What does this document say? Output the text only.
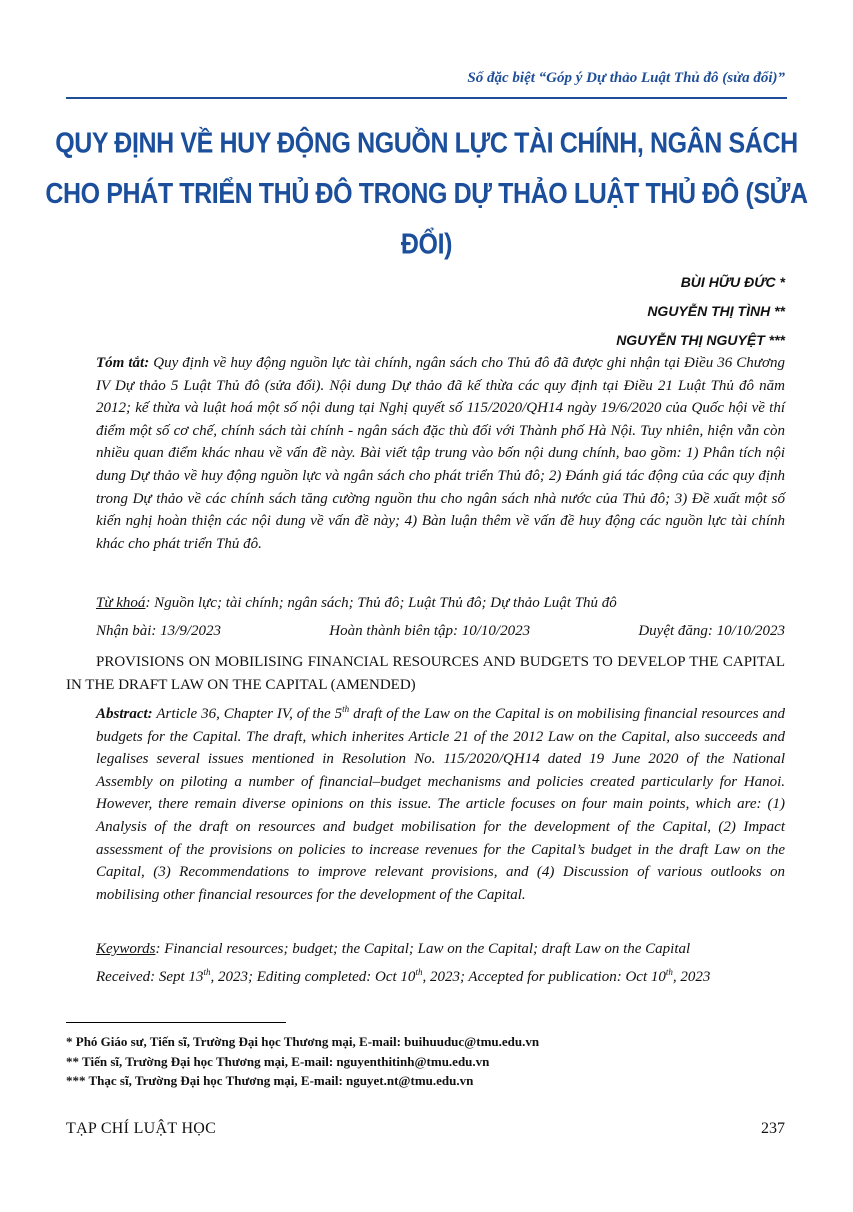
Số đặc biệt “Góp ý Dự thảo Luật Thủ đô (sửa đổi)”
QUY ĐỊNH VỀ HUY ĐỘNG NGUỒN LỰC TÀI CHÍNH, NGÂN SÁCH
CHO PHÁT TRIỂN THỦ ĐÔ TRONG DỰ THẢO LUẬT THỦ ĐÔ (SỬA ĐỔI)
BÙI HỮU ĐỨC *
NGUYỄN THỊ TÌNH **
NGUYỄN THỊ NGUYỆT ***
Tóm tắt: Quy định về huy động nguồn lực tài chính, ngân sách cho Thủ đô đã được ghi nhận tại Điều 36 Chương IV Dự thảo 5 Luật Thủ đô (sửa đổi). Nội dung Dự thảo đã kế thừa các quy định tại Điều 21 Luật Thủ đô năm 2012; kế thừa và luật hoá một số nội dung tại Nghị quyết số 115/2020/QH14 ngày 19/6/2020 của Quốc hội về thí điểm một số cơ chế, chính sách tài chính - ngân sách đặc thù đối với Thành phố Hà Nội. Tuy nhiên, hiện vẫn còn nhiều quan điểm khác nhau về vấn đề này. Bài viết tập trung vào bốn nội dung chính, bao gồm: 1) Phân tích nội dung Dự thảo về huy động nguồn lực và ngân sách cho phát triển Thủ đô; 2) Đánh giá tác động của các quy định trong Dự thảo về các chính sách tăng cường nguồn thu cho ngân sách nhà nước của Thủ đô; 3) Đề xuất một số kiến nghị hoàn thiện các nội dung về vấn đề này; 4) Bàn luận thêm về vấn đề huy động các nguồn lực tài chính khác cho phát triển Thủ đô.
Từ khoá: Nguồn lực; tài chính; ngân sách; Thủ đô; Luật Thủ đô; Dự thảo Luật Thủ đô
Nhận bài: 13/9/2023	Hoàn thành biên tập: 10/10/2023	Duyệt đăng: 10/10/2023
PROVISIONS ON MOBILISING FINANCIAL RESOURCES AND BUDGETS TO DEVELOP THE CAPITAL IN THE DRAFT LAW ON THE CAPITAL (AMENDED)
Abstract: Article 36, Chapter IV, of the 5th draft of the Law on the Capital is on mobilising financial resources and budgets for the Capital. The draft, which inherites Article 21 of the 2012 Law on the Capital, also succeeds and legalises several issues mentioned in Resolution No. 115/2020/QH14 dated 19 June 2020 of the National Assembly on piloting a number of financial–budget mechanisms and policies created particularly for Hanoi. However, there remain diverse opinions on this issue. The article focuses on four main points, which are: (1) Analysis of the draft on resources and budget mobilisation for the development of the Capital, (2) Impact assessment of the provisions on policies to increase revenues for the Capital’s budget in the draft Law on the Capital, (3) Recommendations to improve relevant provisions, and (4) Discussion of various outlooks on mobilising other financial resources for the development of the Capital.
Keywords: Financial resources; budget; the Capital; Law on the Capital; draft Law on the Capital
Received: Sept 13th, 2023; Editing completed: Oct 10th, 2023; Accepted for publication: Oct 10th, 2023
* Phó Giáo sư, Tiến sĩ, Trường Đại học Thương mại, E-mail: buihuuduc@tmu.edu.vn
** Tiến sĩ, Trường Đại học Thương mại, E-mail: nguyenthitinh@tmu.edu.vn
*** Thạc sĩ, Trường Đại học Thương mại, E-mail: nguyet.nt@tmu.edu.vn
TẠP CHÍ LUẬT HỌC	237
